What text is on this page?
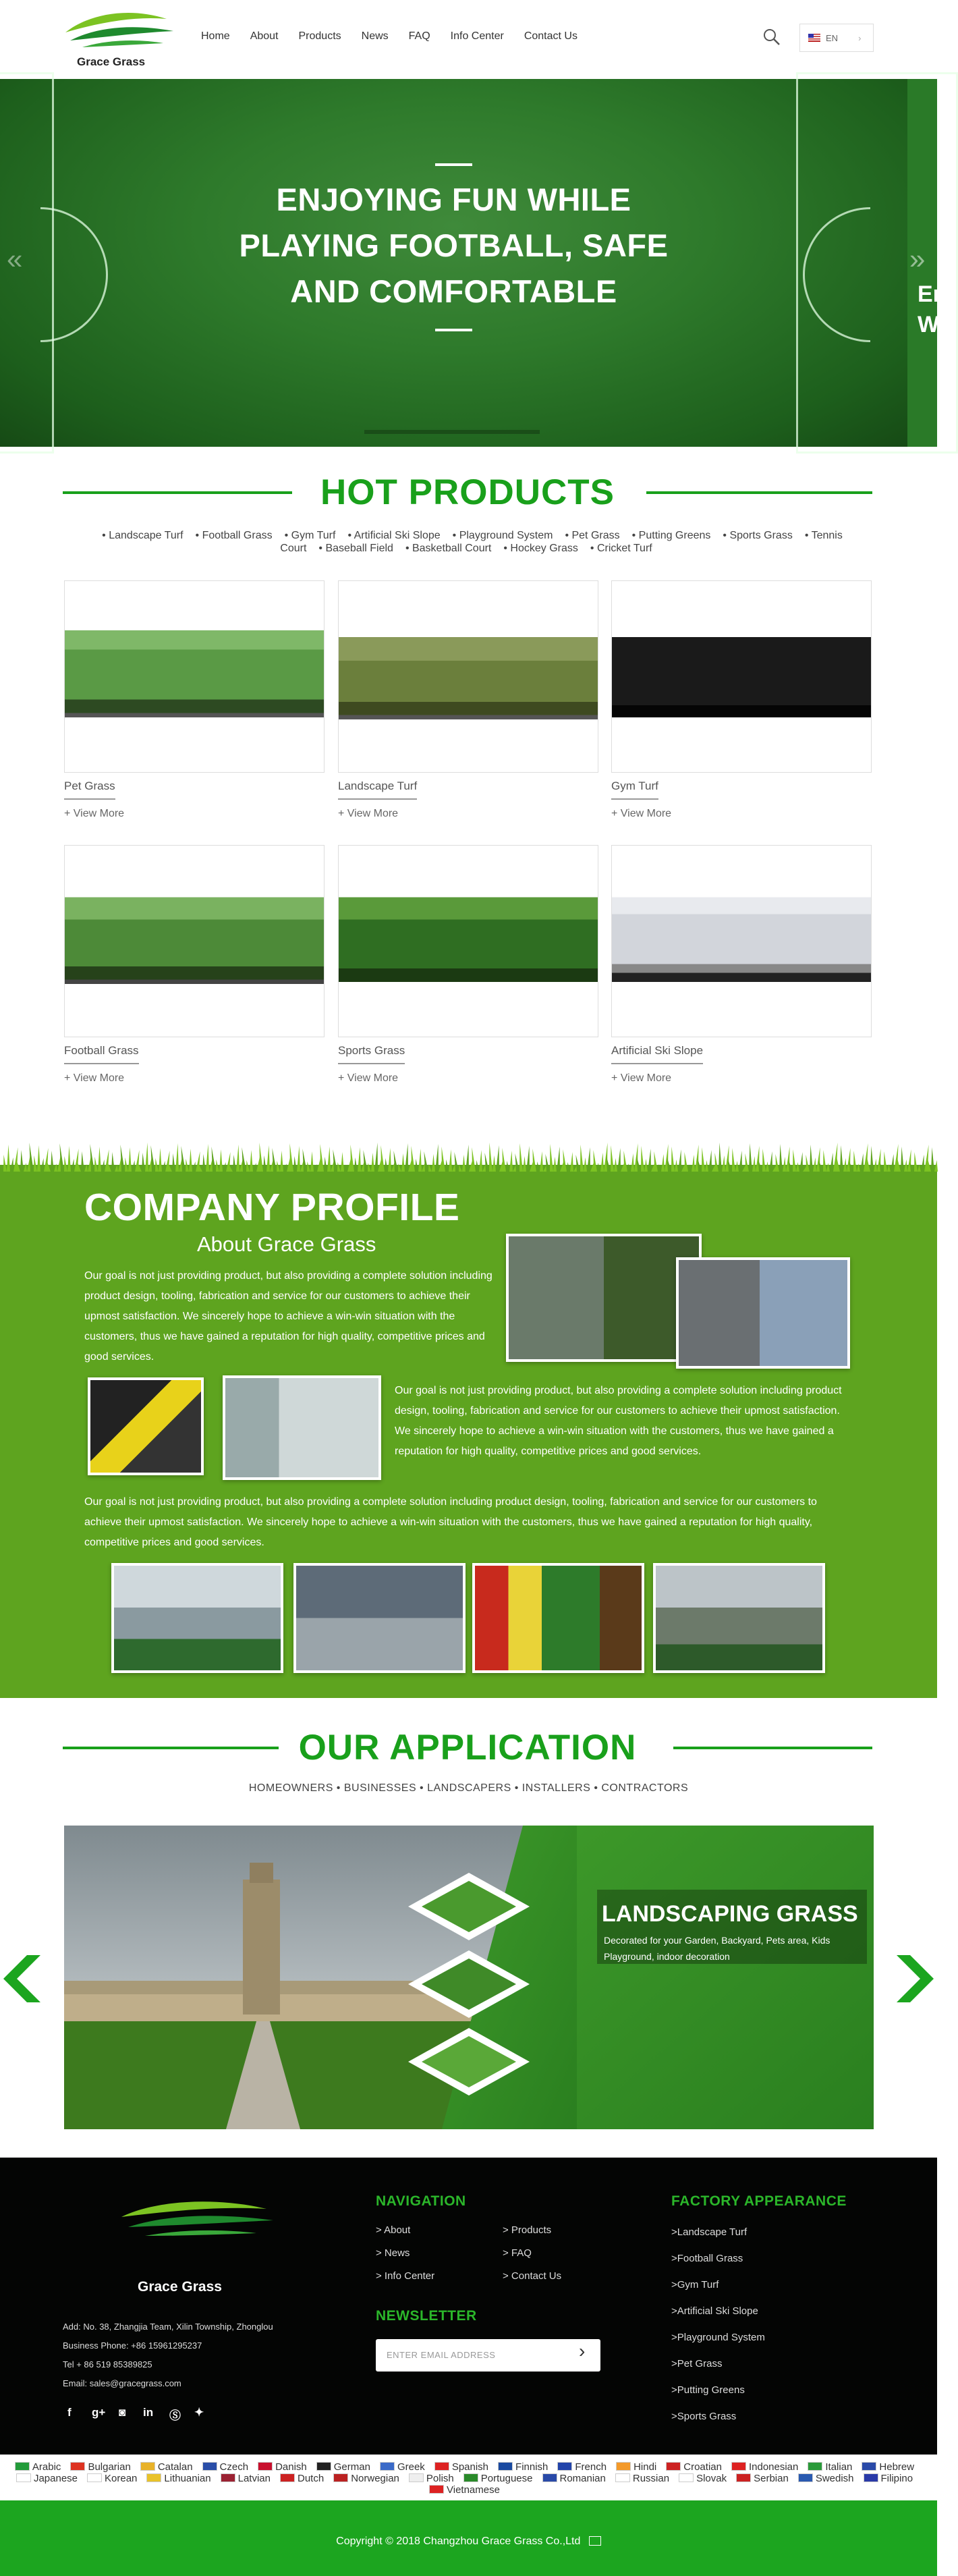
Grace Grass
Home About Products News FAQ Info Center Contact Us	EN ›
ENJOYING FUN WHILE
PLAYING FOOTBALL, SAFE
AND COMFORTABLE	En
W
«	»
HOT PRODUCTS
• Landscape Turf • Football Grass • Gym Turf • Artificial Ski Slope • Playground System • Pet Grass • Putting Greens • Sports Grass • Tennis Court • Baseball Field • Basketball Court • Hockey Grass • Cricket Turf
Pet Grass
+ View More
Landscape Turf
+ View More
Gym Turf
+ View More
Football Grass
+ View More
Sports Grass
+ View More
Artificial Ski Slope
+ View More
COMPANY PROFILE
About Grace Grass
Our goal is not just providing product, but also providing a complete solution including product design, tooling, fabrication and service for our customers to achieve their upmost satisfaction. We sincerely hope to achieve a win-win situation with the customers, thus we have gained a reputation for high quality, competitive prices and good services.
Our goal is not just providing product, but also providing a complete solution including product design, tooling, fabrication and service for our customers to achieve their upmost satisfaction. We sincerely hope to achieve a win-win situation with the customers, thus we have gained a reputation for high quality, competitive prices and good services.
Our goal is not just providing product, but also providing a complete solution including product design, tooling, fabrication and service for our customers to achieve their upmost satisfaction. We sincerely hope to achieve a win-win situation with the customers, thus we have gained a reputation for high quality, competitive prices and good services.
OUR APPLICATION
HOMEOWNERS • BUSINESSES • LANDSCAPERS • INSTALLERS • CONTRACTORS
LANDSCAPING GRASS
Decorated for your Garden, Backyard, Pets area, Kids Playground, indoor decoration
Grace Grass
Add: No. 38, Zhangjia Team, Xilin Township, Zhonglou
Business Phone: +86 15961295237
Tel + 86 519 85389825
Email: sales@gracegrass.com
f g+ ◙ in Ⓢ ✦
NAVIGATION
> About
> News
> Info Center
> Products
> FAQ
> Contact Us
NEWSLETTER
ENTER EMAIL ADDRESS	›
FACTORY APPEARANCE
>Landscape Turf
>Football Grass
>Gym Turf
>Artificial Ski Slope
>Playground System
>Pet Grass
>Putting Greens
>Sports Grass
Arabic	Bulgarian	Catalan	Czech	Danish	German	Greek	Spanish	Finnish	French	Hindi	Croatian	Indonesian	Italian	HebrewJapanese	Korean	Lithuanian	Latvian	Dutch	Norwegian	Polish	Portuguese	Romanian	Russian	Slovak	Serbian	Swedish	FilipinoVietnamese
Copyright © 2018 Changzhou Grace Grass Co.,Ltd
